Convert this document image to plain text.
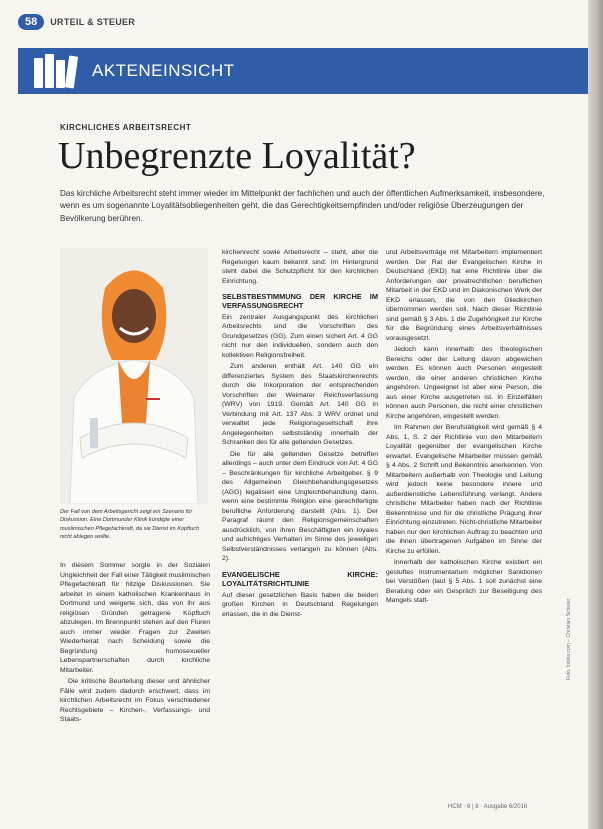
58	URTEIL & STEUER
AKTENEINSICHT
KIRCHLICHES ARBEITSRECHT
Unbegrenzte Loyalität?
Das kirchliche Arbeitsrecht steht immer wieder im Mittelpunkt der fachlichen und auch der öffentlichen Aufmerksamkeit, insbesondere, wenn es um sogenannte Loyalitätsobliegenheiten geht, die das Gerechtigkeitsempfinden und/oder religiöse Überzeugungen der Bevölkerung berühren.
Der Fall von dem Arbeitsgericht zeigt ein Szenario für Diskussion. Eine Dortmunder Klinik kündigte einer muslimischen Pflegefachkraft, da sie Dienst im Kopftuch nicht ablegen wollte.

In diesem Sommer sorgte in der Sozialen Ungleichheit der Fall einer Tätigkeit muslimischen Pflegefachkraft für hitzige Diskussionen. Sie arbeitet in einem katholischen Krankenhaus in Dortmund und weigerte sich, das von ihr aus religiösen Gründen getragene Kopftuch abzulegen. Im Brennpunkt stehen auf den Fluren auch immer wieder Fragen zur Zweiten Wiederheirat nach Scheidung sowie die Begründung homosexueller Lebenspartnerschaften durch kirchliche Mitarbeiter.

Die kritische Beurteilung dieser und ähnlicher Fälle wird zudem dadurch erschwert, dass im kirchlichen Arbeitsrecht im Fokus verschiedener Rechtsgebiete – Kirchen-, Verfassungs- und Staats-

kirchenrecht sowie Arbeitsrecht – steht, aber die Regelungen kaum bekannt sind. Im Hintergrund steht dabei die Schutzpflicht für den kirchlichen Einrichtung.

SELBSTBESTIMMUNG DER KIRCHE IM VERFASSUNGSRECHT

Ein zentraler Ausgangspunkt des kirchlichen Arbeitsrechts sind die Vorschriften des Grundgesetzes (GG). Zum einen sichert Art. 4 GG nicht nur den individuellen, sondern auch den kollektiven Religionsfreiheit.

Zum anderen enthält Art. 140 GG ein differenziertes System des Staatskirchenrechts durch die Inkorporation der entsprechenden Vorschriften der Weimarer Reichsverfassung (WRV) von 1919. Gemäß Art. 140 GG in Verbindung mit Art. 137 Abs. 3 WRV ordnet und verwaltet jede Religionsgesellschaft ihre Angelegenheiten selbstständig innerhalb der Schranken des für alle geltenden Gesetzes.

Die für alle geltenden Gesetze betreffen allerdings – auch unter dem Eindruck von Art. 4 GG – Beschränkungen für kirchliche Arbeitgeber. § 9 des Allgemeinen Gleichbehandlungsgesetzes (AGG) legalisiert eine Ungleichbehandlung dann, wenn eine bestimmte Religion eine gerechtfertigte berufliche Anforderung darstellt (Abs. 1). Der Paragraf räumt den Religionsgemeinschaften ausdrücklich, von ihren Beschäftigten ein loyales und aufrichtiges Verhalten im Sinne des jeweiligen Selbstverständnisses verlangen zu können (Abs. 2).

EVANGELISCHE KIRCHE: LOYALITÄTSRICHTLINIE

Auf dieser gesetzlichen Basis haben die beiden großen Kirchen in Deutschland Regelungen erlassen, die in die Dienst-

und Arbeitsverträge mit Mitarbeitern implementiert werden. Der Rat der Evangelischen Kirche in Deutschland (EKD) hat eine Richtlinie über die Anforderungen der privatrechtlichen beruflichen Mitarbeit in der EKD und im Diakonischen Werk der EKD erlassen, die von den Gliedkirchen übernommen werden soll. Nach dieser Richtlinie sind gemäß § 3 Abs. 1 die Zugehörigkeit zur Kirche für die Begründung eines Arbeitsverhältnisses vorausgesetzt.

Jedoch kann innerhalb des theologischen Bereichs oder der Leitung davon abgewichen werden. Es können auch Personen eingestellt werden, die einer anderen christlichen Kirche angehören. Ungeeignet ist aber eine Person, die aus einer Kirche ausgetreten ist. In Einzelfällen können auch Personen, die nicht einer christlichen Kirche angehören, eingestellt werden.

Im Rahmen der Berufstätigkeit wird gemäß § 4 Abs. 1, S. 2 der Richtlinie von den Mitarbeitern Loyalität gegenüber der evangelischen Kirche erwartet. Evangelische Mitarbeiter müssen gemäß § 4 Abs. 2 Schrift und Bekenntnis anerkennen. Von Mitarbeitern außerhalb von Theologie und Leitung wird jedoch keine besondere innere und außerdienstliche Lebensführung verlangt. Andere christliche Mitarbeiter haben nach der Richtlinie Bekenntnisse und für die christliche Prägung ihrer Einrichtung einzutreten. Nicht-christliche Mitarbeiter haben nur den kirchlichen Auftrag zu beachten und die ihnen übertragenen Aufgaben im Sinne der Kirche zu erfüllen.

Innerhalb der katholischen Kirche existiert ein gestuftes Instrumentarium möglicher Sanktionen bei Verstößen (laut § 5 Abs. 1 soll zunächst eine Beratung oder ein Gespräch zur Beseitigung des Mangels statt-	Foto: fotolia.com – Christian Schwier
HCM · 6 | 8 · Ausgabe 6/2016
